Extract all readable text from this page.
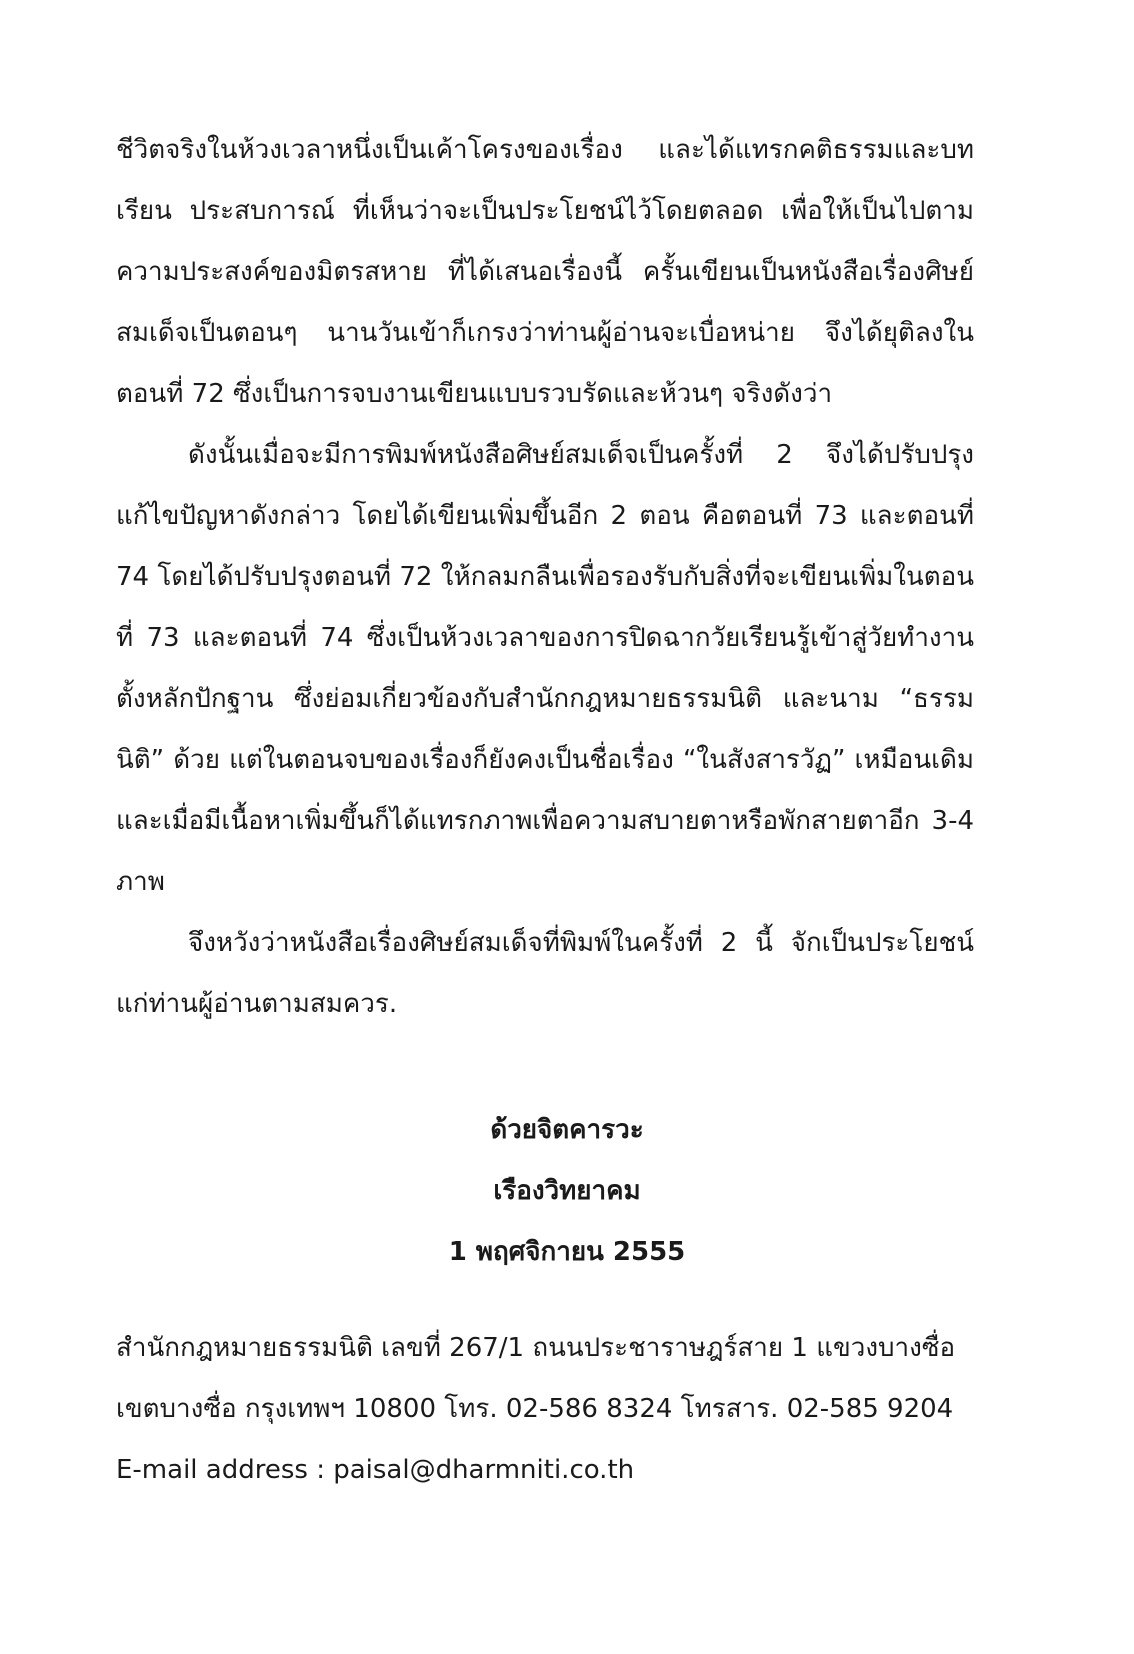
ชีวิตจริงในห้วงเวลาหนึ่งเป็นเค้าโครงของเรื่อง และได้แทรกคติธรรมและบทเรียน ประสบการณ์ ที่เห็นว่าจะเป็นประโยชน์ไว้โดยตลอด เพื่อให้เป็นไปตามความประสงค์ของมิตรสหาย ที่ได้เสนอเรื่องนี้ ครั้นเขียนเป็นหนังสือเรื่องศิษย์สมเด็จเป็นตอนๆ นานวันเข้าก็เกรงว่าท่านผู้อ่านจะเบื่อหน่าย จึงได้ยุติลงในตอนที่ 72 ซึ่งเป็นการจบงานเขียนแบบรวบรัดและห้วนๆ จริงดังว่า

ดังนั้นเมื่อจะมีการพิมพ์หนังสือศิษย์สมเด็จเป็นครั้งที่ 2 จึงได้ปรับปรุงแก้ไขปัญหาดังกล่าว โดยได้เขียนเพิ่มขึ้นอีก 2 ตอน คือตอนที่ 73 และตอนที่ 74 โดยได้ปรับปรุงตอนที่ 72 ให้กลมกลืนเพื่อรองรับกับสิ่งที่จะเขียนเพิ่มในตอนที่ 73 และตอนที่ 74 ซึ่งเป็นห้วงเวลาของการปิดฉากวัยเรียนรู้เข้าสู่วัยทำงานตั้งหลักปักฐาน ซึ่งย่อมเกี่ยวข้องกับสำนักกฎหมายธรรมนิติ และนาม “ธรรมนิติ” ด้วย แต่ในตอนจบของเรื่องก็ยังคงเป็นชื่อเรื่อง “ในสังสารวัฏ” เหมือนเดิม และเมื่อมีเนื้อหาเพิ่มขึ้นก็ได้แทรกภาพเพื่อความสบายตาหรือพักสายตาอีก 3-4 ภาพ

จึงหวังว่าหนังสือเรื่องศิษย์สมเด็จที่พิมพ์ในครั้งที่ 2 นี้ จักเป็นประโยชน์แก่ท่านผู้อ่านตามสมควร.

ด้วยจิตคารวะ
เรืองวิทยาคม
1 พฤศจิกายน 2555
สำนักกฎหมายธรรมนิติ เลขที่ 267/1 ถนนประชาราษฎร์สาย 1 แขวงบางซื่อ
เขตบางซื่อ กรุงเทพฯ 10800 โทร. 02-586 8324 โทรสาร. 02-585 9204
E-mail address : paisal@dharmniti.co.th
